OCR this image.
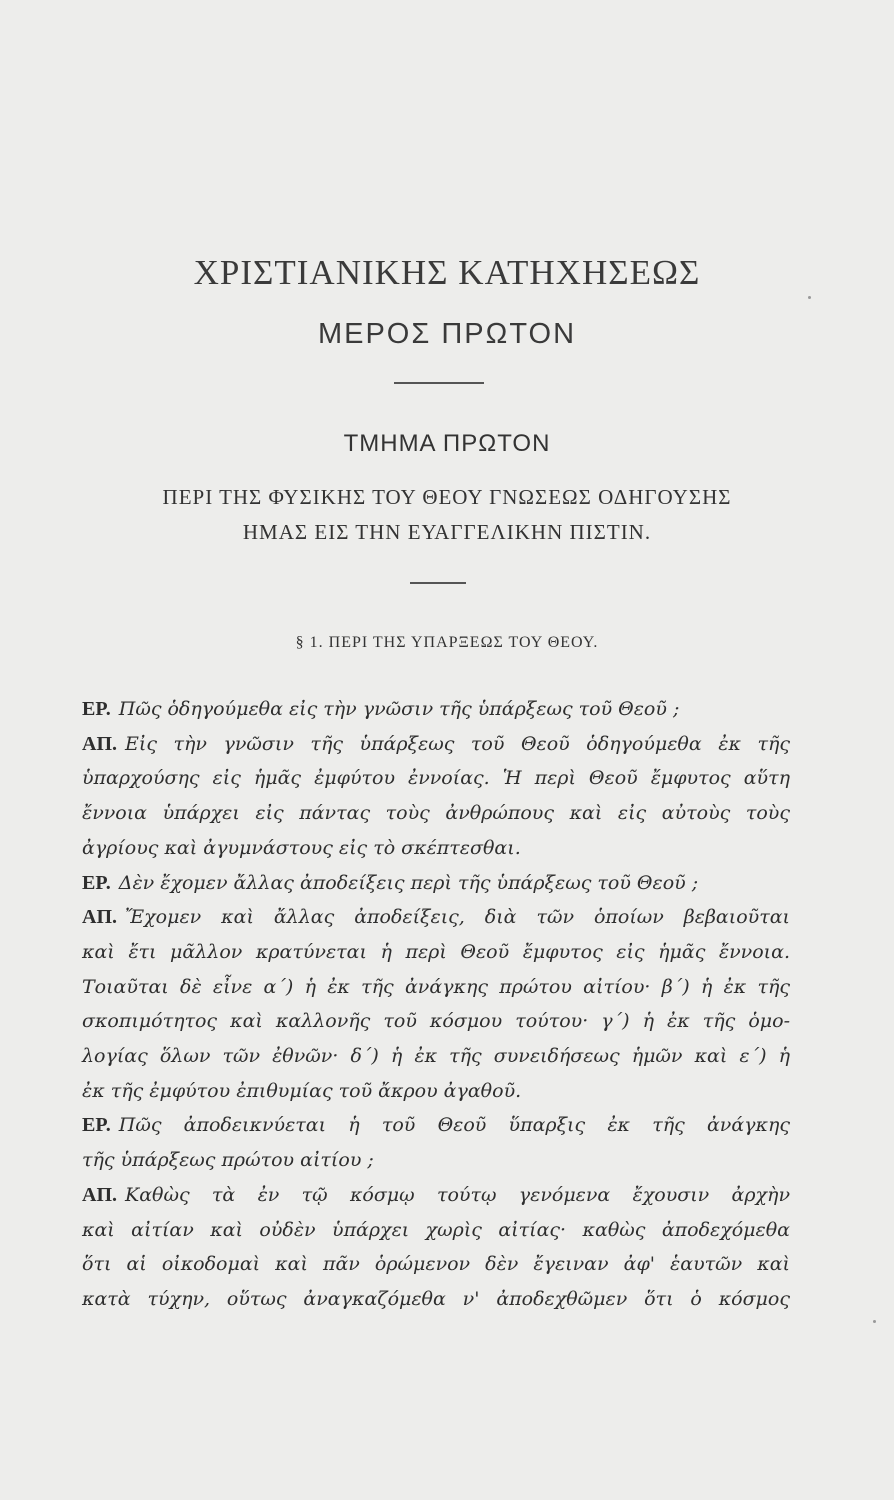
ΧΡΙΣΤΙΑΝΙΚΗΣ ΚΑΤΗΧΗΣΕΩΣ
ΜΕΡΟΣ ΠΡΩΤΟΝ
ΤΜΗΜΑ ΠΡΩΤΟΝ
ΠΕΡΙ ΤΗΣ ΦΥΣΙΚΗΣ ΤΟΥ ΘΕΟΥ ΓΝΩΣΕΩΣ ΟΔΗΓΟΥΣΗΣ
ΗΜΑΣ ΕΙΣ ΤΗΝ ΕΥΑΓΓΕΛΙΚΗΝ ΠΙΣΤΙΝ.
§ 1. ΠΕΡΙ ΤΗΣ ΥΠΑΡΞΕΩΣ ΤΟΥ ΘΕΟΥ.
ΕΡ. Πῶς ὁδηγούμεθα εἰς τὴν γνῶσιν τῆς ὑπάρξεως τοῦ Θεοῦ ;
ΑΠ. Εἰς τὴν γνῶσιν τῆς ὑπάρξεως τοῦ Θεοῦ ὁδηγούμεθα ἐκ τῆς
ὑπαρχούσης εἰς ἡμᾶς ἐμφύτου ἐννοίας. Ἡ περὶ Θεοῦ ἔμφυτος αὕτη
ἔννοια ὑπάρχει εἰς πάντας τοὺς ἀνθρώπους καὶ εἰς αὐτοὺς τοὺς
ἀγρίους καὶ ἀγυμνάστους εἰς τὸ σκέπτεσθαι.
ΕΡ. Δὲν ἔχομεν ἄλλας ἀποδείξεις περὶ τῆς ὑπάρξεως τοῦ Θεοῦ ;
ΑΠ. Ἔχομεν καὶ ἄλλας ἀποδείξεις, διὰ τῶν ὁποίων βεβαιοῦται
καὶ ἔτι μᾶλλον κρατύνεται ἡ περὶ Θεοῦ ἔμφυτος εἰς ἡμᾶς ἔννοια.
Τοιαῦται δὲ εἶνε α΄) ἡ ἐκ τῆς ἀνάγκης πρώτου αἰτίου· β΄) ἡ ἐκ τῆς
σκοπιμότητος καὶ καλλονῆς τοῦ κόσμου τούτου· γ΄) ἡ ἐκ τῆς ὁμο-
λογίας ὅλων τῶν ἐθνῶν· δ΄) ἡ ἐκ τῆς συνειδήσεως ἡμῶν καὶ ε΄) ἡ
ἐκ τῆς ἐμφύτου ἐπιθυμίας τοῦ ἄκρου ἀγαθοῦ.
ΕΡ. Πῶς ἀποδεικνύεται ἡ τοῦ Θεοῦ ὕπαρξις ἐκ τῆς ἀνάγκης
τῆς ὑπάρξεως πρώτου αἰτίου ;
ΑΠ. Καθὼς τὰ ἐν τῷ κόσμῳ τούτῳ γενόμενα ἔχουσιν ἀρχὴν
καὶ αἰτίαν καὶ οὐδὲν ὑπάρχει χωρὶς αἰτίας· καθὼς ἀποδεχόμεθα
ὅτι αἱ οἰκοδομαὶ καὶ πᾶν ὁρώμενον δὲν ἔγειναν ἀφ' ἑαυτῶν καὶ
κατὰ τύχην, οὕτως ἀναγκαζόμεθα ν' ἀποδεχθῶμεν ὅτι ὁ κόσμος
